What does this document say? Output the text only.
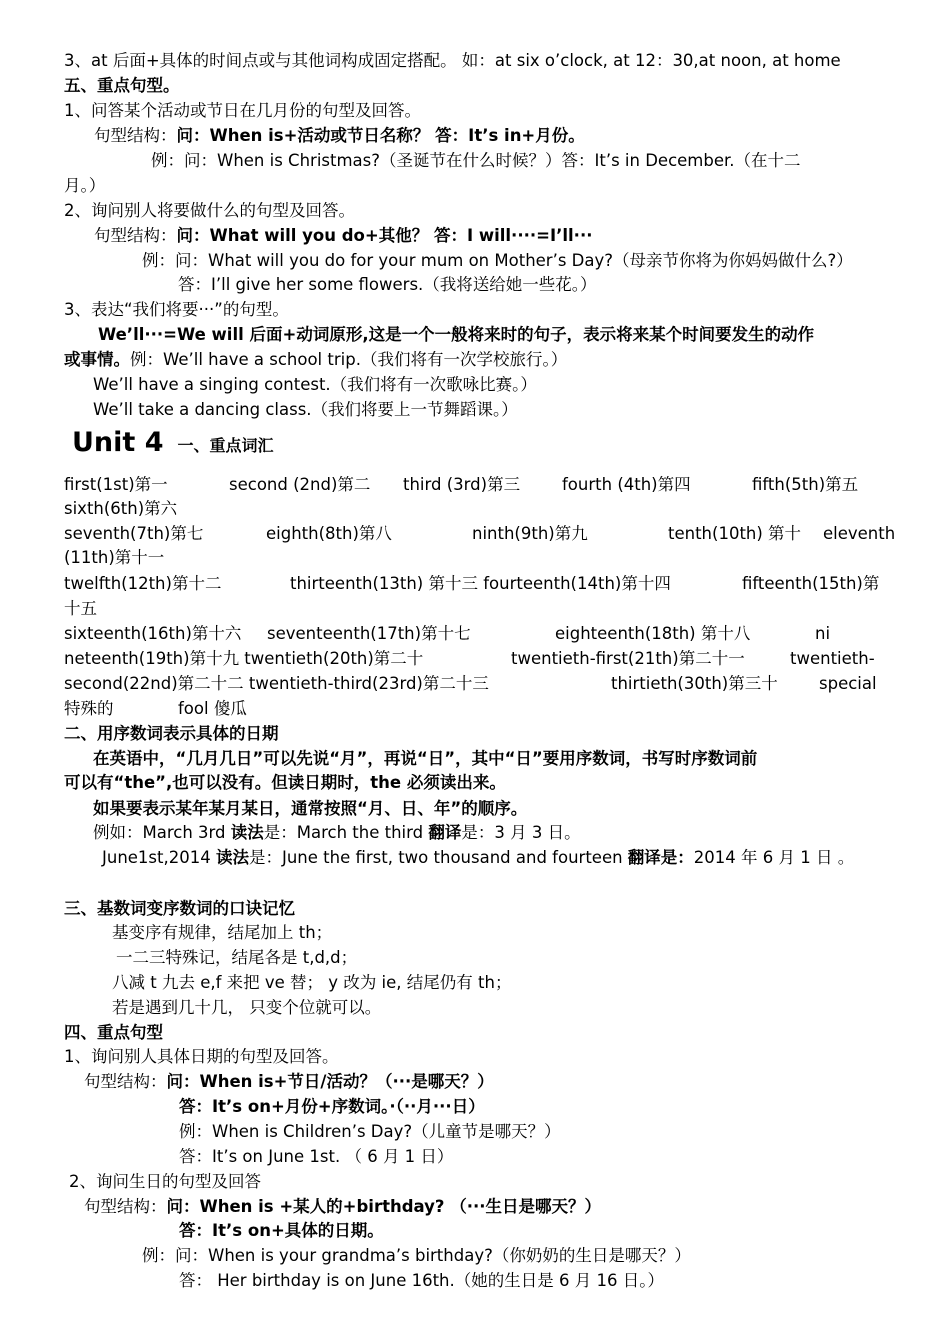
3、at 后面+具体的时间点或与其他词构成固定搭配。 如：at six o’clock, at 12：30,at noon, at home
五、重点句型。
1、问答某个活动或节日在几月份的句型及回答。
句型结构：问：When is+活动或节日名称？ 答：It’s in+月份。
例：问：When is Christmas?（圣诞节在什么时候？）答：It’s in December.（在十二
月。）
2、询问别人将要做什么的句型及回答。
句型结构：问：What will you do+其他？ 答：I will····=I’ll···
例：问：What will you do for your mum on Mother’s Day?（母亲节你将为你妈妈做什么?）
答：I’ll give her some flowers.（我将送给她一些花。）
3、表达“我们将要···”的句型。
We’ll···=We will 后面+动词原形,这是一个一般将来时的句子，表示将来某个时间要发生的动作
或事情。例：We’ll have a school trip.（我们将有一次学校旅行。）
We’ll have a singing contest.（我们将有一次歌咏比赛。）
We’ll take a dancing class.（我们将要上一节舞蹈课。）
Unit 4 一、重点词汇
first(1st)第一	second (2nd)第二 third (3rd)第三	fourth (4th)第四	fifth(5th)第五
sixth(6th)第六
seventh(7th)第七	eighth(8th)第八	ninth(9th)第九	tenth(10th) 第十 eleventh
(11th)第十一
twelfth(12th)第十二	thirteenth(13th) 第十三 fourteenth(14th)第十四	fifteenth(15th)第
十五
sixteenth(16th)第十六 seventeenth(17th)第十七	eighteenth(18th) 第十八	ni
neteenth(19th)第十九 twentieth(20th)第二十	twentieth-first(21th)第二十一	twentieth-
second(22nd)第二十二 twentieth-third(23rd)第二十三	thirtieth(30th)第三十	special
特殊的	fool 傻瓜
二、用序数词表示具体的日期
在英语中，“几月几日”可以先说“月”，再说“日”，其中“日”要用序数词，书写时序数词前
可以有“the”,也可以没有。但读日期时，the 必须读出来。
如果要表示某年某月某日，通常按照“月、日、年”的顺序。
例如：March 3rd 读法是：March the third 翻译是：3 月 3 日。
June1st,2014 读法是：June the first, two thousand and fourteen 翻译是：2014 年 6 月 1 日 。
三、基数词变序数词的口诀记忆
基变序有规律，结尾加上 th；
一二三特殊记，结尾各是 t,d,d；
八减 t 九去 e,f 来把 ve 替； y 改为 ie, 结尾仍有 th；
若是遇到几十几， 只变个位就可以。
四、重点句型
1、询问别人具体日期的句型及回答。
句型结构：问：When is+节日/活动？（···是哪天？）
答：It’s on+月份+序数词。·（··月···日）
例：When is Children’s Day?（儿童节是哪天？）
答：It’s on June 1st. （ 6 月 1 日）
2、询问生日的句型及回答
句型结构：问：When is +某人的+birthday? （···生日是哪天？）
答：It’s on+具体的日期。
例：问：When is your grandma’s birthday?（你奶奶的生日是哪天？）
答： Her birthday is on June 16th.（她的生日是 6 月 16 日。）
